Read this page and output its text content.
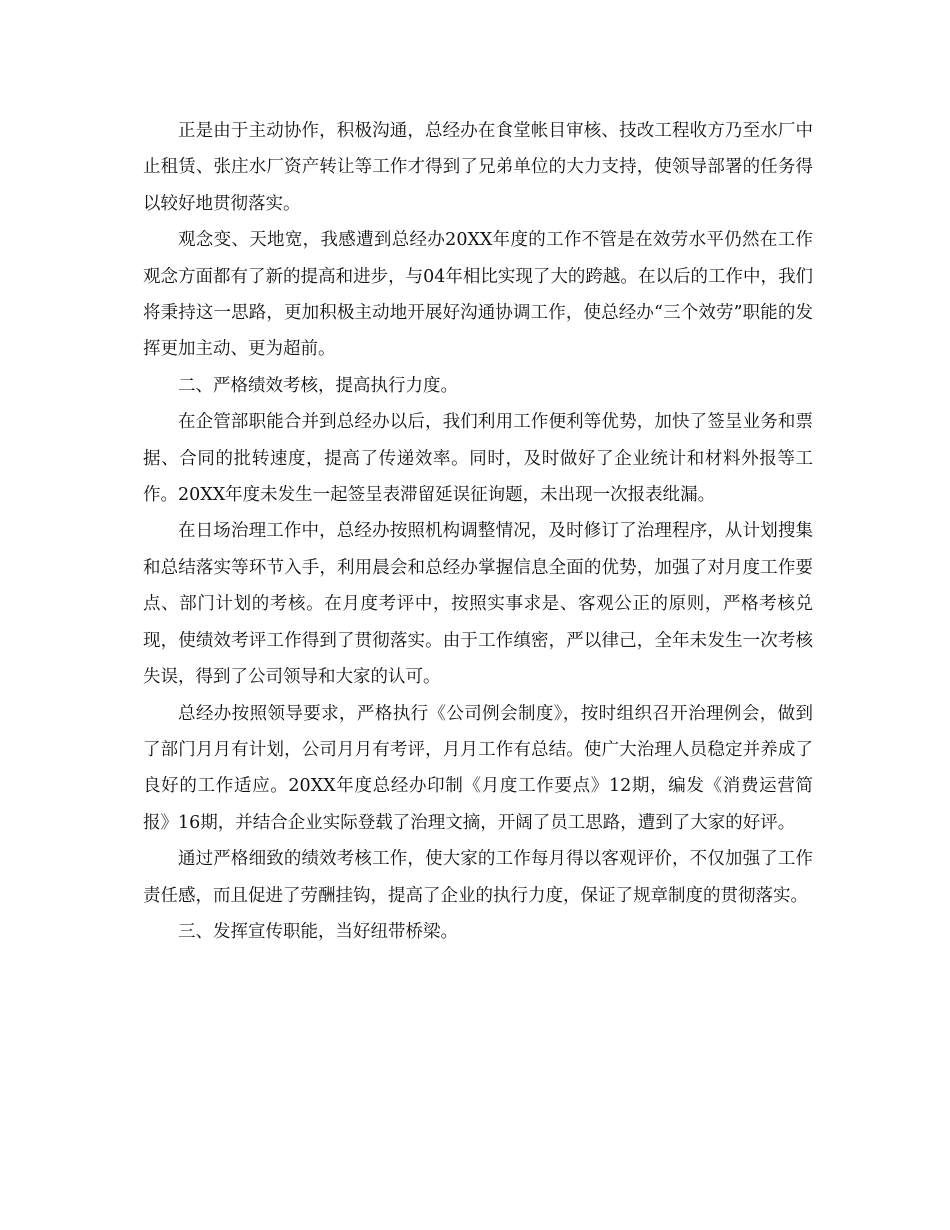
正是由于主动协作，积极沟通，总经办在食堂帐目审核、技改工程收方乃至水厂中止租赁、张庄水厂资产转让等工作才得到了兄弟单位的大力支持，使领导部署的任务得以较好地贯彻落实。

观念变、天地宽，我感遭到总经办20XX年度的工作不管是在效劳水平仍然在工作观念方面都有了新的提高和进步，与04年相比实现了大的跨越。在以后的工作中，我们将秉持这一思路，更加积极主动地开展好沟通协调工作，使总经办“三个效劳”职能的发挥更加主动、更为超前。

二、严格绩效考核，提高执行力度。

在企管部职能合并到总经办以后，我们利用工作便利等优势，加快了签呈业务和票据、合同的批转速度，提高了传递效率。同时，及时做好了企业统计和材料外报等工作。20XX年度未发生一起签呈表滞留延误征询题，未出现一次报表纰漏。

在日场治理工作中，总经办按照机构调整情况，及时修订了治理程序，从计划搜集和总结落实等环节入手，利用晨会和总经办掌握信息全面的优势，加强了对月度工作要点、部门计划的考核。在月度考评中，按照实事求是、客观公正的原则，严格考核兑现，使绩效考评工作得到了贯彻落实。由于工作缜密，严以律己，全年未发生一次考核失误，得到了公司领导和大家的认可。

总经办按照领导要求，严格执行《公司例会制度》，按时组织召开治理例会，做到了部门月月有计划，公司月月有考评，月月工作有总结。使广大治理人员稳定并养成了良好的工作适应。20XX年度总经办印制《月度工作要点》12期，编发《消费运营简报》16期，并结合企业实际登载了治理文摘，开阔了员工思路，遭到了大家的好评。

通过严格细致的绩效考核工作，使大家的工作每月得以客观评价，不仅加强了工作责任感，而且促进了劳酬挂钩，提高了企业的执行力度，保证了规章制度的贯彻落实。

三、发挥宣传职能，当好纽带桥梁。
